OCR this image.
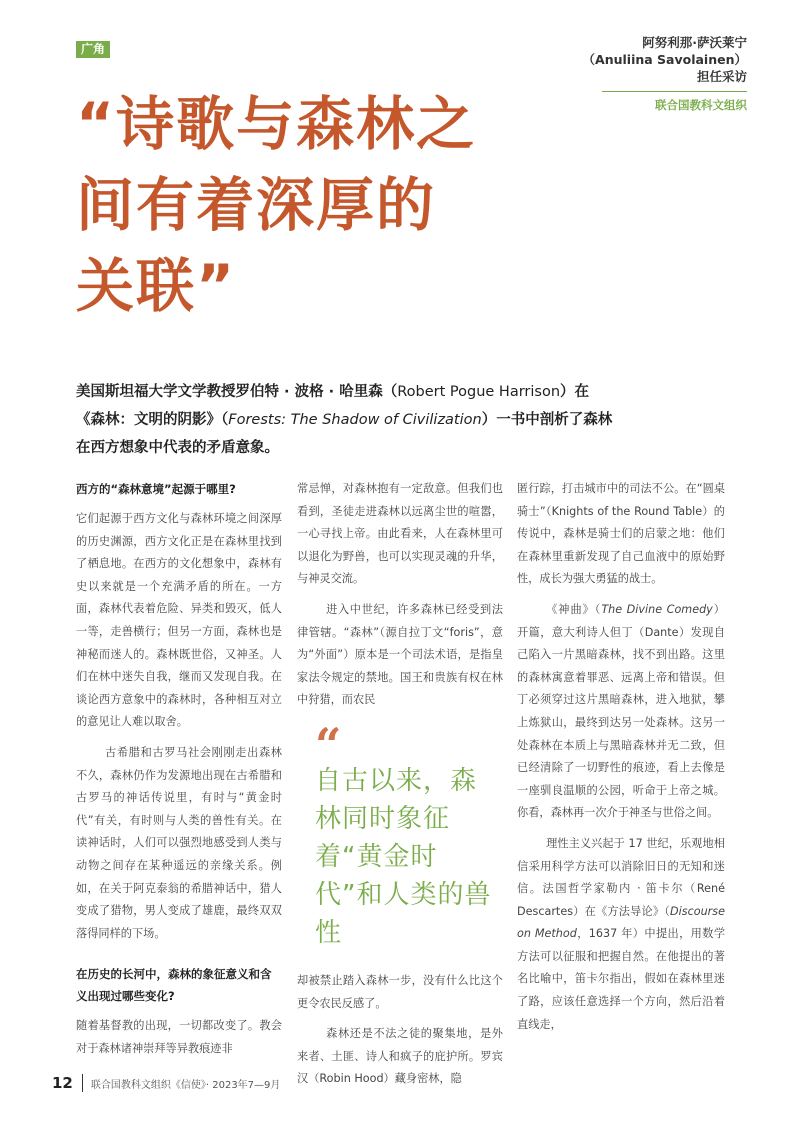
广角	阿努利那·萨沃莱宁
（Anuliina Savolainen）
担任采访
联合国教科文组织
“诗歌与森林之
间有着深厚的
关联”
美国斯坦福大学文学教授罗伯特 · 波格 · 哈里森（Robert Pogue Harrison）在
《森林：文明的阴影》（Forests: The Shadow of Civilization）一书中剖析了森林
在西方想象中代表的矛盾意象。
西方的“森林意境”起源于哪里?

它们起源于西方文化与森林环境之间深厚的历史渊源，西方文化正是在森林里找到了栖息地。在西方的文化想象中，森林有史以来就是一个充满矛盾的所在。一方面，森林代表着危险、异类和毁灭，低人一等，走兽横行；但另一方面，森林也是神秘而迷人的。森林既世俗，又神圣。人们在林中迷失自我，继而又发现自我。在谈论西方意象中的森林时，各种相互对立的意见让人难以取舍。

古希腊和古罗马社会刚刚走出森林不久，森林仍作为发源地出现在古希腊和古罗马的神话传说里，有时与“黄金时代”有关，有时则与人类的兽性有关。在读神话时，人们可以强烈地感受到人类与动物之间存在某种遥远的亲缘关系。例如，在关于阿克泰翁的希腊神话中，猎人变成了猎物，男人变成了雄鹿，最终双双落得同样的下场。

在历史的长河中，森林的象征意义和含义出现过哪些变化?

随着基督教的出现，一切都改变了。教会对于森林诸神崇拜等异教痕迹非

常忌惮，对森林抱有一定敌意。但我们也看到，圣徒走进森林以远离尘世的喧嚣，一心寻找上帝。由此看来，人在森林里可以退化为野兽，也可以实现灵魂的升华，与神灵交流。

进入中世纪，许多森林已经受到法律管辖。“森林”（源自拉丁文“foris”，意为“外面”）原本是一个司法术语，是指皇家法令规定的禁地。国王和贵族有权在林中狩猎，而农民

“
自古以来，森林同时象征着“黄金时代”和人类的兽性

却被禁止踏入森林一步，没有什么比这个更令农民反感了。

森林还是不法之徒的聚集地，是外来者、土匪、诗人和疯子的庇护所。罗宾汉（Robin Hood）藏身密林，隐

匿行踪，打击城市中的司法不公。在“圆桌骑士”（Knights of the Round Table）的传说中，森林是骑士们的启蒙之地：他们在森林里重新发现了自己血液中的原始野性，成长为强大勇猛的战士。

《神曲》（The Divine Comedy）开篇，意大利诗人但丁（Dante）发现自己陷入一片黑暗森林，找不到出路。这里的森林寓意着罪恶、远离上帝和错误。但丁必须穿过这片黑暗森林，进入地狱，攀上炼狱山，最终到达另一处森林。这另一处森林在本质上与黑暗森林并无二致，但已经清除了一切野性的痕迹，看上去像是一座驯良温顺的公园，听命于上帝之城。你看，森林再一次介于神圣与世俗之间。

理性主义兴起于 17 世纪，乐观地相信采用科学方法可以消除旧日的无知和迷信。法国哲学家勒内 · 笛卡尔（René Descartes）在《方法导论》（Discourse on Method，1637 年）中提出，用数学方法可以征服和把握自然。在他提出的著名比喻中，笛卡尔指出，假如在森林里迷了路，应该任意选择一个方向，然后沿着直线走，

12 联合国教科文组织《信使》· 2023年7—9月
